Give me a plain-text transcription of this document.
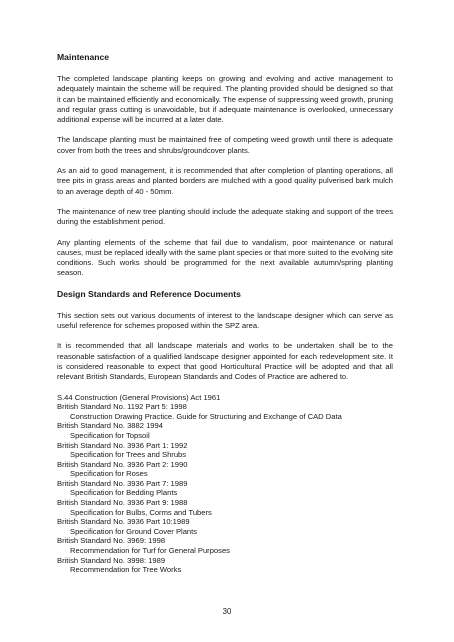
Maintenance

The completed landscape planting keeps on growing and evolving and active management to adequately maintain the scheme will be required. The planting provided should be designed so that it can be maintained efficiently and economically. The expense of suppressing weed growth, pruning and regular grass cutting is unavoidable, but if adequate maintenance is overlooked, unnecessary additional expense will be incurred at a later date.

The landscape planting must be maintained free of competing weed growth until there is adequate cover from both the trees and shrubs/groundcover plants.

As an aid to good management, it is recommended that after completion of planting operations, all tree pits in grass areas and planted borders are mulched with a good quality pulverised bark mulch to an average depth of 40 - 50mm.

The maintenance of new tree planting should include the adequate staking and support of the trees during the establishment period.

Any planting elements of the scheme that fail due to vandalism, poor maintenance or natural causes, must be replaced ideally with the same plant species or that more suited to the evolving site conditions. Such works should be programmed for the next available autumn/spring planting season.

Design Standards and Reference Documents

This section sets out various documents of interest to the landscape designer which can serve as useful reference for schemes proposed within the SPZ area.

It is recommended that all landscape materials and works to be undertaken shall be to the reasonable satisfaction of a qualified landscape designer appointed for each redevelopment site. It is considered reasonable to expect that good Horticultural Practice will be adopted and that all relevant British Standards, European Standards and Codes of Practice are adhered to.

S.44 Construction (General Provisions) Act 1961
British Standard No. 1192 Part 5: 1998
Construction Drawing Practice. Guide for Structuring and Exchange of CAD Data
British Standard No. 3882 1994
Specification for Topsoil
British Standard No. 3936 Part 1: 1992
Specification for Trees and Shrubs
British Standard No. 3936 Part 2: 1990
Specification for Roses
British Standard No. 3936 Part 7: 1989
Specification for Bedding Plants
British Standard No. 3936 Part 9: 1988
Specification for Bulbs, Corms and Tubers
British Standard No. 3936 Part 10:1989
Specification for Ground Cover Plants
British Standard No. 3969: 1998
Recommendation for Turf for General Purposes
British Standard No. 3998: 1989
Recommendation for Tree Works
30
